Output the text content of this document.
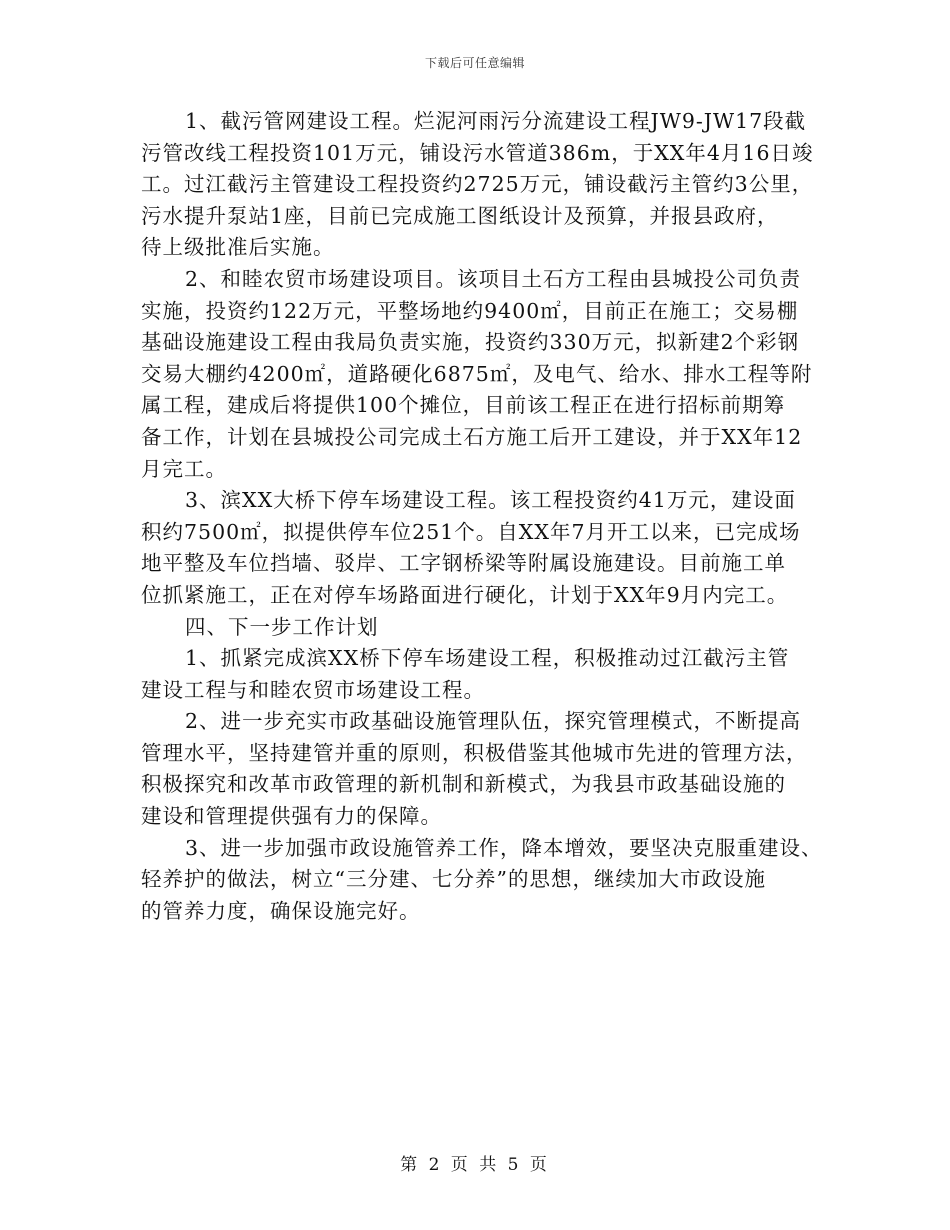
下载后可任意编辑
1、截污管网建设工程。烂泥河雨污分流建设工程JW9-JW17段截
污管改线工程投资101万元，铺设污水管道386m，于XX年4月16日竣
工。过江截污主管建设工程投资约2725万元，铺设截污主管约3公里，
污水提升泵站1座，目前已完成施工图纸设计及预算，并报县政府，
待上级批准后实施。
2、和睦农贸市场建设项目。该项目土石方工程由县城投公司负责
实施，投资约122万元，平整场地约9400㎡，目前正在施工；交易棚
基础设施建设工程由我局负责实施，投资约330万元，拟新建2个彩钢
交易大棚约4200㎡，道路硬化6875㎡，及电气、给水、排水工程等附
属工程，建成后将提供100个摊位，目前该工程正在进行招标前期筹
备工作，计划在县城投公司完成土石方施工后开工建设，并于XX年12
月完工。
3、滨XX大桥下停车场建设工程。该工程投资约41万元，建设面
积约7500㎡，拟提供停车位251个。自XX年7月开工以来，已完成场
地平整及车位挡墙、驳岸、工字钢桥梁等附属设施建设。目前施工单
位抓紧施工，正在对停车场路面进行硬化，计划于XX年9月内完工。
四、下一步工作计划
1、抓紧完成滨XX桥下停车场建设工程，积极推动过江截污主管
建设工程与和睦农贸市场建设工程。
2、进一步充实市政基础设施管理队伍，探究管理模式，不断提高
管理水平，坚持建管并重的原则，积极借鉴其他城市先进的管理方法，
积极探究和改革市政管理的新机制和新模式，为我县市政基础设施的
建设和管理提供强有力的保障。
3、进一步加强市政设施管养工作，降本增效，要坚决克服重建设、
轻养护的做法，树立“三分建、七分养”的思想，继续加大市政设施
的管养力度，确保设施完好。
第 2 页 共 5 页
